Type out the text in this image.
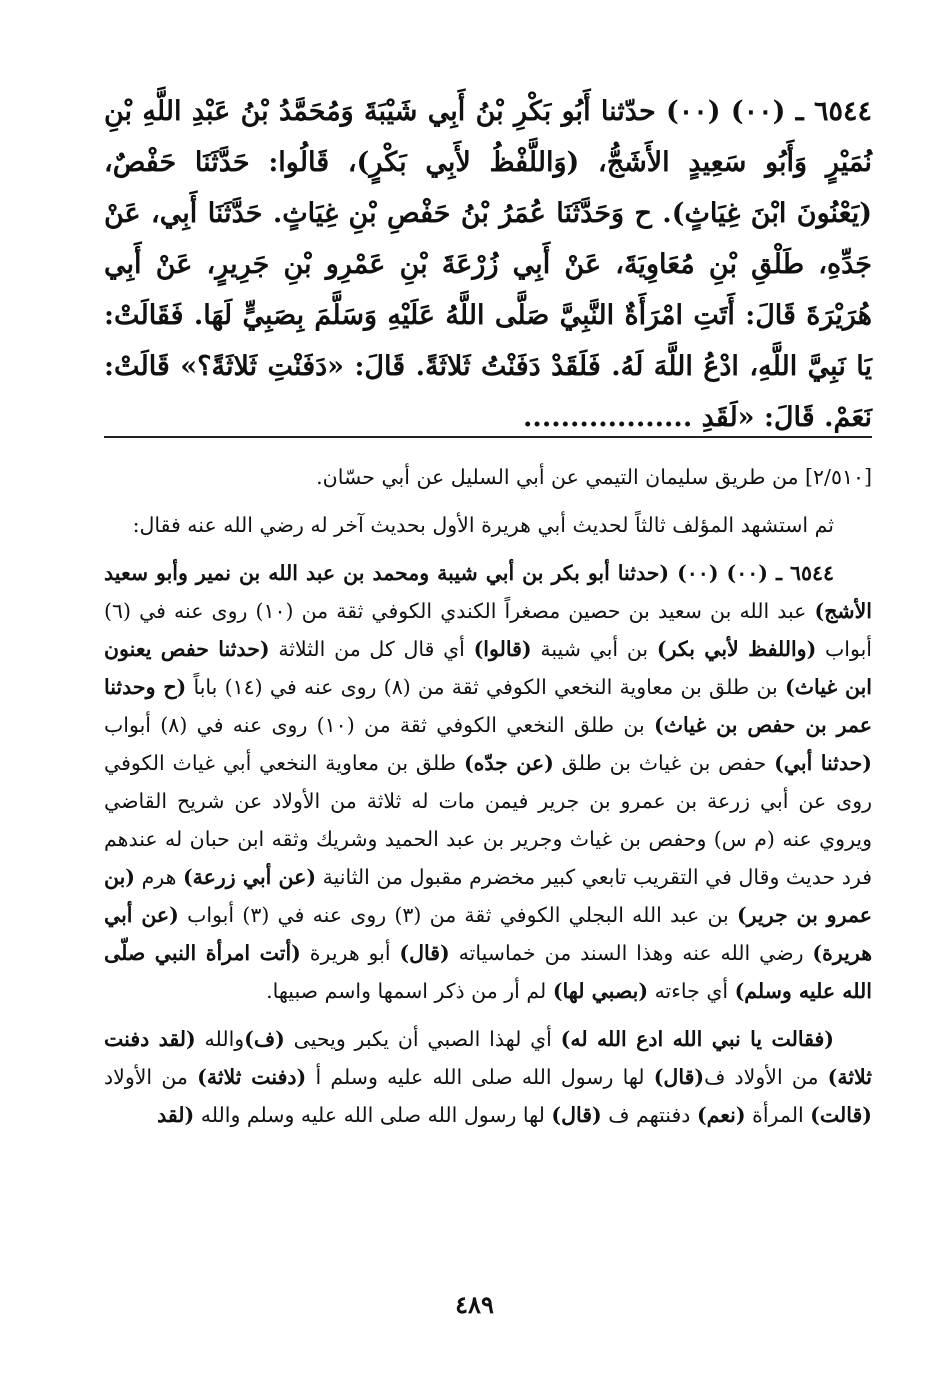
٦٥٤٤ ـ (٠٠) (٠٠) حدّثنا أَبُو بَكْرِ بْنُ أَبِي شَيْبَةَ وَمُحَمَّدُ بْنُ عَبْدِ اللَّهِ بْنِ نُمَيْرٍ وَأَبُو سَعِيدٍ الأَشَجُّ، (وَاللَّفْظُ لأَبِي بَكْرٍ)، قَالُوا: حَدَّثَنَا حَفْصٌ، (يَعْنُونَ ابْنَ غِيَاثٍ). ح وَحَدَّثَنَا عُمَرُ بْنُ حَفْصِ بْنِ غِيَاثٍ. حَدَّثَنَا أَبِي، عَنْ جَدِّهِ، طَلْقِ بْنِ مُعَاوِيَةَ، عَنْ أَبِي زُرْعَةَ بْنِ عَمْرِو بْنِ جَرِيرٍ، عَنْ أَبِي هُرَيْرَةَ قَالَ: أَتَتِ امْرَأَةٌ النَّبِيَّ صَلَّى اللَّهُ عَلَيْهِ وَسَلَّمَ بِصَبِيٍّ لَهَا. فَقَالَتْ: يَا نَبِيَّ اللَّهِ، ادْعُ اللَّهَ لَهُ. فَلَقَدْ دَفَنْتُ ثَلاثَةً. قَالَ: «دَفَنْتِ ثَلاثَةً؟» قَالَتْ: نَعَمْ. قَالَ: «لَقَدِ ..................

[٢/٥١٠] من طريق سليمان التيمي عن أبي السليل عن أبي حسّان.

ثم استشهد المؤلف ثالثاً لحديث أبي هريرة الأول بحديث آخر له رضي الله عنه فقال:

٦٥٤٤ ـ (٠٠) (٠٠) (حدثنا أبو بكر بن أبي شيبة ومحمد بن عبد الله بن نمير وأبو سعيد الأشج) عبد الله بن سعيد بن حصين مصغراً الكندي الكوفي ثقة من (١٠) روى عنه في (٦) أبواب (واللفظ لأبي بكر) بن أبي شيبة (قالوا) أي قال كل من الثلاثة (حدثنا حفص يعنون ابن غياث) بن طلق بن معاوية النخعي الكوفي ثقة من (٨) روى عنه في (١٤) باباً (ح وحدثنا عمر بن حفص بن غياث) بن طلق النخعي الكوفي ثقة من (١٠) روى عنه في (٨) أبواب (حدثنا أبي) حفص بن غياث بن طلق (عن جدّه) طلق بن معاوية النخعي أبي غياث الكوفي روى عن أبي زرعة بن عمرو بن جرير فيمن مات له ثلاثة من الأولاد عن شريح القاضي ويروي عنه (م س) وحفص بن غياث وجرير بن عبد الحميد وشريك وثقه ابن حبان له عندهم فرد حديث وقال في التقريب تابعي كبير مخضرم مقبول من الثانية (عن أبي زرعة) هرم (بن عمرو بن جرير) بن عبد الله البجلي الكوفي ثقة من (٣) روى عنه في (٣) أبواب (عن أبي هريرة) رضي الله عنه وهذا السند من خماسياته (قال) أبو هريرة (أتت امرأة النبي صلّى الله عليه وسلم) أي جاءته (بصبي لها) لم أر من ذكر اسمها واسم صبيها.

(فقالت يا نبي الله ادع الله له) أي لهذا الصبي أن يكبر ويحيى (ف)والله (لقد دفنت ثلاثة) من الأولاد ف(قال) لها رسول الله صلى الله عليه وسلم أ (دفنت ثلاثة) من الأولاد (قالت) المرأة (نعم) دفنتهم ف (قال) لها رسول الله صلى الله عليه وسلم والله (لقد

٤٨٩
